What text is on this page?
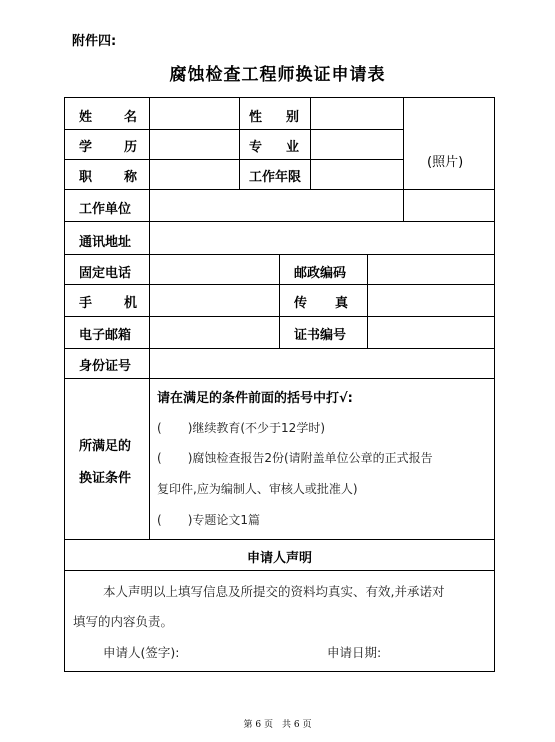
附件四:
腐蚀检查工程师换证申请表
姓 名	性 别
学 历	专 业
职 称	工作年限
(照片)
工作单位
通讯地址
固定电话	邮政编码
手 机	传 真
电子邮箱	证书编号
身份证号
所满足的
换证条件
请在满足的条件前面的括号中打√:
( )继续教育(不少于12学时)
( )腐蚀检查报告2份(请附盖单位公章的正式报告
复印件,应为编制人、审核人或批准人)
( )专题论文1篇
申请人声明
本人声明以上填写信息及所提交的资料均真实、有效,并承诺对
填写的内容负责。
申请人(签字):	申请日期:
第 6 页　共 6 页
